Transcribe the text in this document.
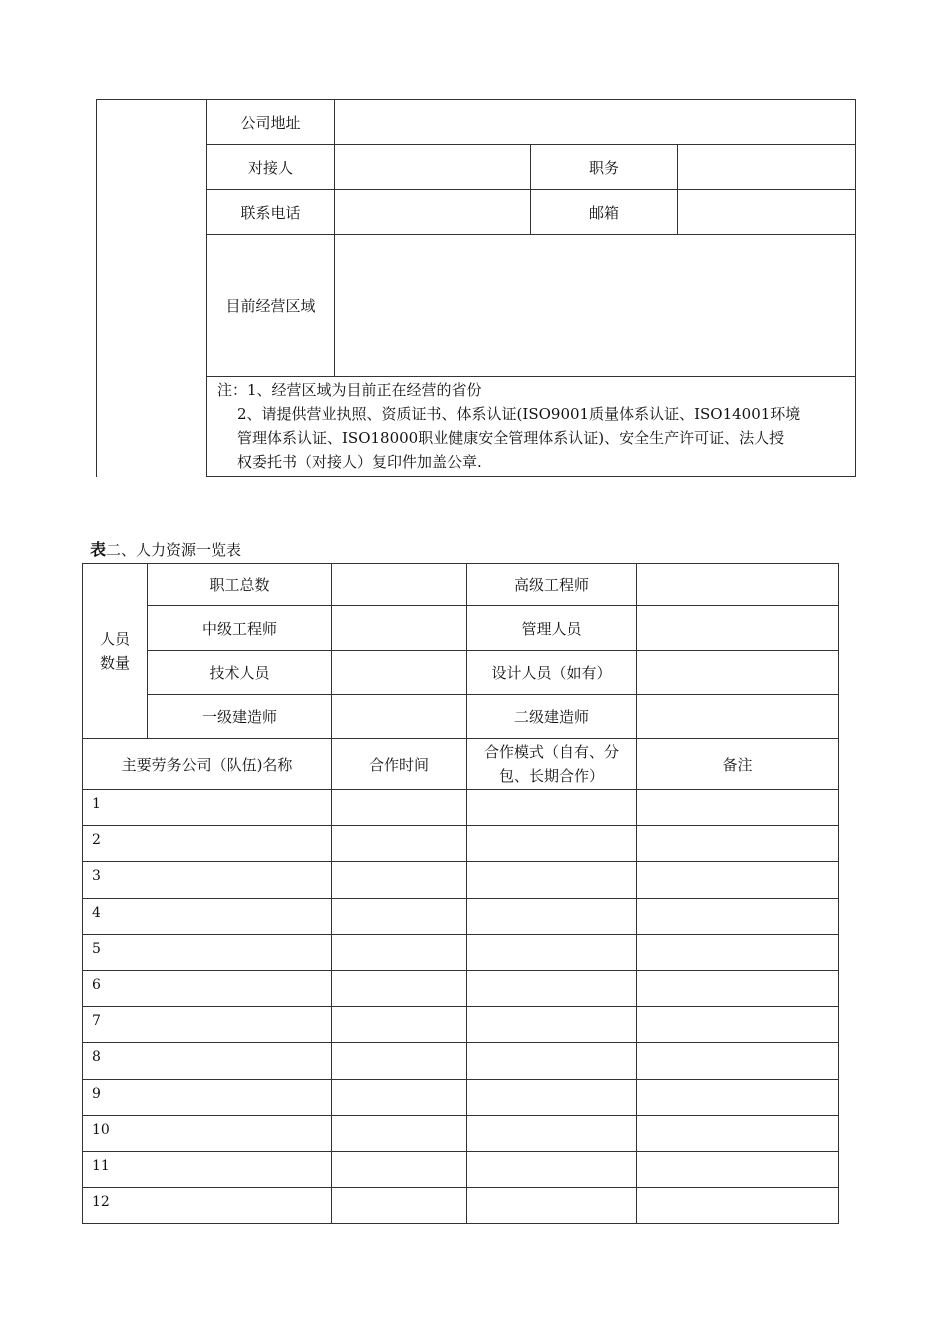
	公司地址			
	对接人		职务	
	联系电话		邮箱	
	目前经营区域			

	注：1、经营区域为目前正在经营的省份
2、请提供营业执照、资质证书、体系认证(ISO9001质量体系认证、ISO14001环境
管理体系认证、ISO18000职业健康安全管理体系认证)、安全生产许可证、法人授
权委托书（对接人）复印件加盖公章.			
表二、人力资源一览表
人员
数量	职工总数		高级工程师	
	中级工程师		管理人员	
	技术人员		设计人员（如有）	
	一级建造师		二级建造师	
主要劳务公司（队伍)名称		合作时间	合作模式（自有、分
包、长期合作）	备注
1				
2				
3				
4				
5				
6				
7				
8				
9				
10				
11				
12				
